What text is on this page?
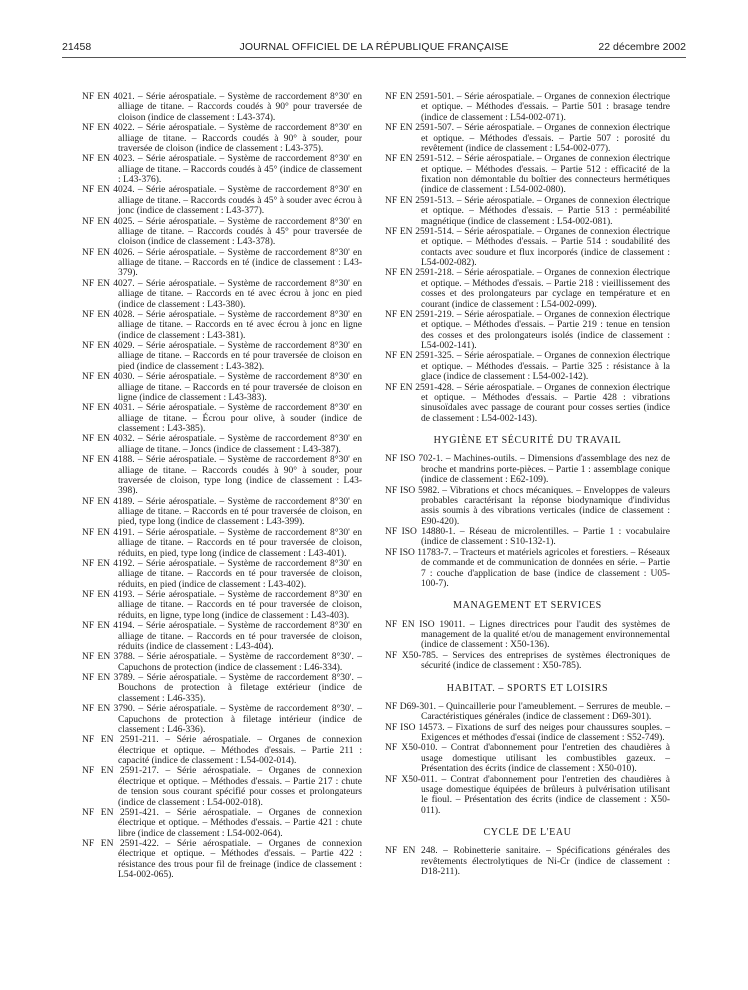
21458	JOURNAL OFFICIEL DE LA RÉPUBLIQUE FRANÇAISE	22 décembre 2002

NF EN 4021. – Série aérospatiale. – Système de raccordement 8°30' en alliage de titane. – Raccords coudés à 90° pour traversée de cloison (indice de classement : L43-374).

NF EN 4022. – Série aérospatiale. – Système de raccordement 8°30' en alliage de titane. – Raccords coudés à 90° à souder, pour traversée de cloison (indice de classement : L43-375).

NF EN 4023. – Série aérospatiale. – Système de raccordement 8°30' en alliage de titane. – Raccords coudés à 45° (indice de classement : L43-376).

NF EN 4024. – Série aérospatiale. – Système de raccordement 8°30' en alliage de titane. – Raccords coudés à 45° à souder avec écrou à jonc (indice de classement : L43-377).

NF EN 4025. – Série aérospatiale. – Système de raccordement 8°30' en alliage de titane. – Raccords coudés à 45° pour traversée de cloison (indice de classement : L43-378).

NF EN 4026. – Série aérospatiale. – Système de raccordement 8°30' en alliage de titane. – Raccords en té (indice de classement : L43-379).

NF EN 4027. – Série aérospatiale. – Système de raccordement 8°30' en alliage de titane. – Raccords en té avec écrou à jonc en pied (indice de classement : L43-380).

NF EN 4028. – Série aérospatiale. – Système de raccordement 8°30' en alliage de titane. – Raccords en té avec écrou à jonc en ligne (indice de classement : L43-381).

NF EN 4029. – Série aérospatiale. – Système de raccordement 8°30' en alliage de titane. – Raccords en té pour traversée de cloison en pied (indice de classement : L43-382).

NF EN 4030. – Série aérospatiale. – Système de raccordement 8°30' en alliage de titane. – Raccords en té pour traversée de cloison en ligne (indice de classement : L43-383).

NF EN 4031. – Série aérospatiale. – Système de raccordement 8°30' en alliage de titane. – Écrou pour olive, à souder (indice de classement : L43-385).

NF EN 4032. – Série aérospatiale. – Système de raccordement 8°30' en alliage de titane. – Joncs (indice de classement : L43-387).

NF EN 4188. – Série aérospatiale. – Système de raccordement 8°30' en alliage de titane. – Raccords coudés à 90° à souder, pour traversée de cloison, type long (indice de classement : L43-398).

NF EN 4189. – Série aérospatiale. – Système de raccordement 8°30' en alliage de titane. – Raccords en té pour traversée de cloison, en pied, type long (indice de classement : L43-399).

NF EN 4191. – Série aérospatiale. – Système de raccordement 8°30' en alliage de titane. – Raccords en té pour traversée de cloison, réduits, en pied, type long (indice de classement : L43-401).

NF EN 4192. – Série aérospatiale. – Système de raccordement 8°30' en alliage de titane. – Raccords en té pour traversée de cloison, réduits, en pied (indice de classement : L43-402).

NF EN 4193. – Série aérospatiale. – Système de raccordement 8°30' en alliage de titane. – Raccords en té pour traversée de cloison, réduits, en ligne, type long (indice de classement : L43-403).

NF EN 4194. – Série aérospatiale. – Système de raccordement 8°30' en alliage de titane. – Raccords en té pour traversée de cloison, réduits (indice de classement : L43-404).

NF EN 3788. – Série aérospatiale. – Système de raccordement 8°30'. – Capuchons de protection (indice de classement : L46-334).

NF EN 3789. – Série aérospatiale. – Système de raccordement 8°30'. – Bouchons de protection à filetage extérieur (indice de classement : L46-335).

NF EN 3790. – Série aérospatiale. – Système de raccordement 8°30'. – Capuchons de protection à filetage intérieur (indice de classement : L46-336).

NF EN 2591-211. – Série aérospatiale. – Organes de connexion électrique et optique. – Méthodes d'essais. – Partie 211 : capacité (indice de classement : L54-002-014).

NF EN 2591-217. – Série aérospatiale. – Organes de connexion électrique et optique. – Méthodes d'essais. – Partie 217 : chute de tension sous courant spécifié pour cosses et prolongateurs (indice de classement : L54-002-018).

NF EN 2591-421. – Série aérospatiale. – Organes de connexion électrique et optique. – Méthodes d'essais. – Partie 421 : chute libre (indice de classement : L54-002-064).

NF EN 2591-422. – Série aérospatiale. – Organes de connexion électrique et optique. – Méthodes d'essais. – Partie 422 : résistance des trous pour fil de freinage (indice de classement : L54-002-065).

NF EN 2591-501. – Série aérospatiale. – Organes de connexion électrique et optique. – Méthodes d'essais. – Partie 501 : brasage tendre (indice de classement : L54-002-071).

NF EN 2591-507. – Série aérospatiale. – Organes de connexion électrique et optique. – Méthodes d'essais. – Partie 507 : porosité du revêtement (indice de classement : L54-002-077).

NF EN 2591-512. – Série aérospatiale. – Organes de connexion électrique et optique. – Méthodes d'essais. – Partie 512 : efficacité de la fixation non démontable du boîtier des connecteurs hermétiques (indice de classement : L54-002-080).

NF EN 2591-513. – Série aérospatiale. – Organes de connexion électrique et optique. – Méthodes d'essais. – Partie 513 : perméabilité magnétique (indice de classement : L54-002-081).

NF EN 2591-514. – Série aérospatiale. – Organes de connexion électrique et optique. – Méthodes d'essais. – Partie 514 : soudabilité des contacts avec soudure et flux incorporés (indice de classement : L54-002-082).

NF EN 2591-218. – Série aérospatiale. – Organes de connexion électrique et optique. – Méthodes d'essais. – Partie 218 : vieillissement des cosses et des prolongateurs par cyclage en température et en courant (indice de classement : L54-002-099).

NF EN 2591-219. – Série aérospatiale. – Organes de connexion électrique et optique. – Méthodes d'essais. – Partie 219 : tenue en tension des cosses et des prolongateurs isolés (indice de classement : L54-002-141).

NF EN 2591-325. – Série aérospatiale. – Organes de connexion électrique et optique. – Méthodes d'essais. – Partie 325 : résistance à la glace (indice de classement : L54-002-142).

NF EN 2591-428. – Série aérospatiale. – Organes de connexion électrique et optique. – Méthodes d'essais. – Partie 428 : vibrations sinusoïdales avec passage de courant pour cosses serties (indice de classement : L54-002-143).

HYGIÈNE ET SÉCURITÉ DU TRAVAIL

NF ISO 702-1. – Machines-outils. – Dimensions d'assemblage des nez de broche et mandrins porte-pièces. – Partie 1 : assemblage conique (indice de classement : E62-109).

NF ISO 5982. – Vibrations et chocs mécaniques. – Enveloppes de valeurs probables caractérisant la réponse biodynamique d'individus assis soumis à des vibrations verticales (indice de classement : E90-420).

NF ISO 14880-1. – Réseau de microlentilles. – Partie 1 : vocabulaire (indice de classement : S10-132-1).

NF ISO 11783-7. – Tracteurs et matériels agricoles et forestiers. – Réseaux de commande et de communication de données en série. – Partie 7 : couche d'application de base (indice de classement : U05-100-7).

MANAGEMENT ET SERVICES

NF EN ISO 19011. – Lignes directrices pour l'audit des systèmes de management de la qualité et/ou de management environnemental (indice de classement : X50-136).

NF X50-785. – Services des entreprises de systèmes électroniques de sécurité (indice de classement : X50-785).

HABITAT. – SPORTS ET LOISIRS

NF D69-301. – Quincaillerie pour l'ameublement. – Serrures de meuble. – Caractéristiques générales (indice de classement : D69-301).

NF ISO 14573. – Fixations de surf des neiges pour chaussures souples. – Exigences et méthodes d'essai (indice de classement : S52-749).

NF X50-010. – Contrat d'abonnement pour l'entretien des chaudières à usage domestique utilisant les combustibles gazeux. – Présentation des écrits (indice de classement : X50-010).

NF X50-011. – Contrat d'abonnement pour l'entretien des chaudières à usage domestique équipées de brûleurs à pulvérisation utilisant le fioul. – Présentation des écrits (indice de classement : X50-011).

CYCLE DE L'EAU

NF EN 248. – Robinetterie sanitaire. – Spécifications générales des revêtements électrolytiques de Ni-Cr (indice de classement : D18-211).
